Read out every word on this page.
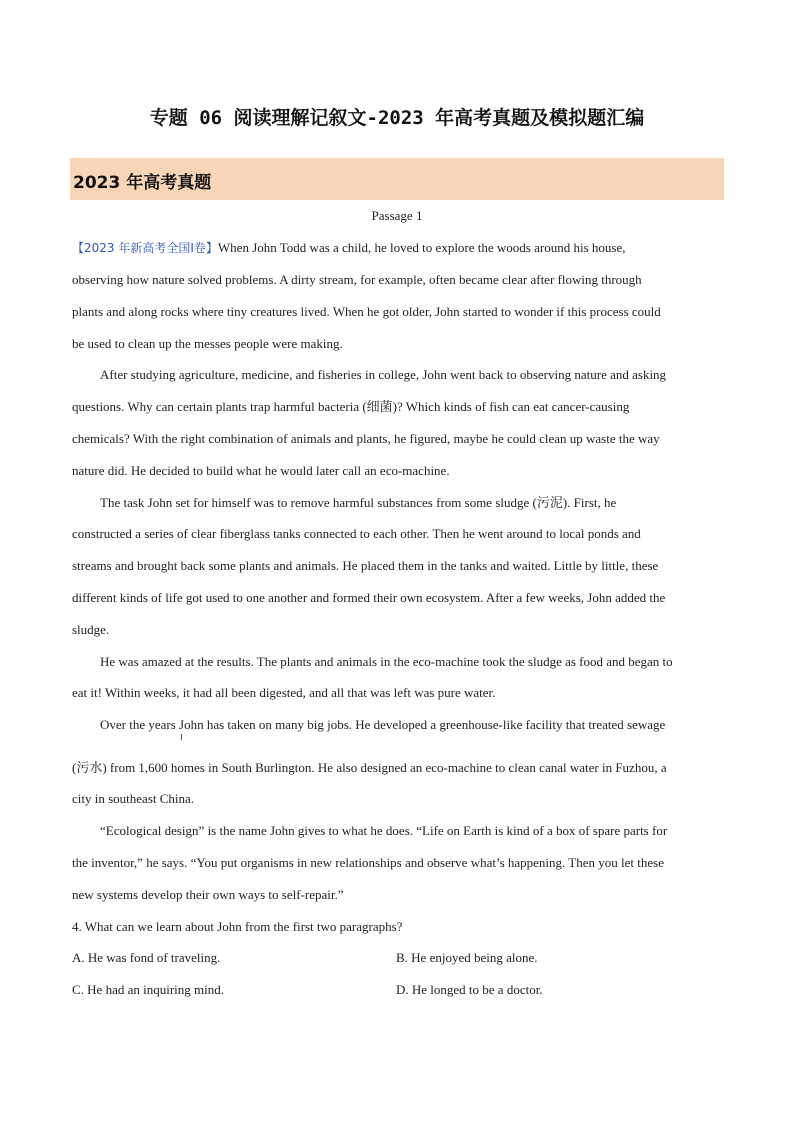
专题 06 阅读理解记叙文-2023 年高考真题及模拟题汇编
2023 年高考真题
Passage 1
【2023 年新高考全国Ⅰ卷】When John Todd was a child, he loved to explore the woods around his house,
observing how nature solved problems. A dirty stream, for example, often became clear after flowing through
plants and along rocks where tiny creatures lived. When he got older, John started to wonder if this process could
be used to clean up the messes people were making.
After studying agriculture, medicine, and fisheries in college, John went back to observing nature and asking
questions. Why can certain plants trap harmful bacteria (细菌)? Which kinds of fish can eat cancer-causing
chemicals? With the right combination of animals and plants, he figured, maybe he could clean up waste the way
nature did. He decided to build what he would later call an eco-machine.
The task John set for himself was to remove harmful substances from some sludge (污泥). First, he
constructed a series of clear fiberglass tanks connected to each other. Then he went around to local ponds and
streams and brought back some plants and animals. He placed them in the tanks and waited. Little by little, these
different kinds of life got used to one another and formed their own ecosystem. After a few weeks, John added the
sludge.
He was amazed at the results. The plants and animals in the eco-machine took the sludge as food and began to
eat it! Within weeks, it had all been digested, and all that was left was pure water.
Over the years John has taken on many big jobs. He developed a greenhouse-like facility that treated sewage
(污水) from 1,600 homes in South Burlington. He also designed an eco-machine to clean canal water in Fuzhou, a
city in southeast China.
“Ecological design” is the name John gives to what he does. “Life on Earth is kind of a box of spare parts for
the inventor,” he says. “You put organisms in new relationships and observe what’s happening. Then you let these
new systems develop their own ways to self-repair.”
4. What can we learn about John from the first two paragraphs?
A. He was fond of traveling.	B. He enjoyed being alone.
C. He had an inquiring mind.	D. He longed to be a doctor.
